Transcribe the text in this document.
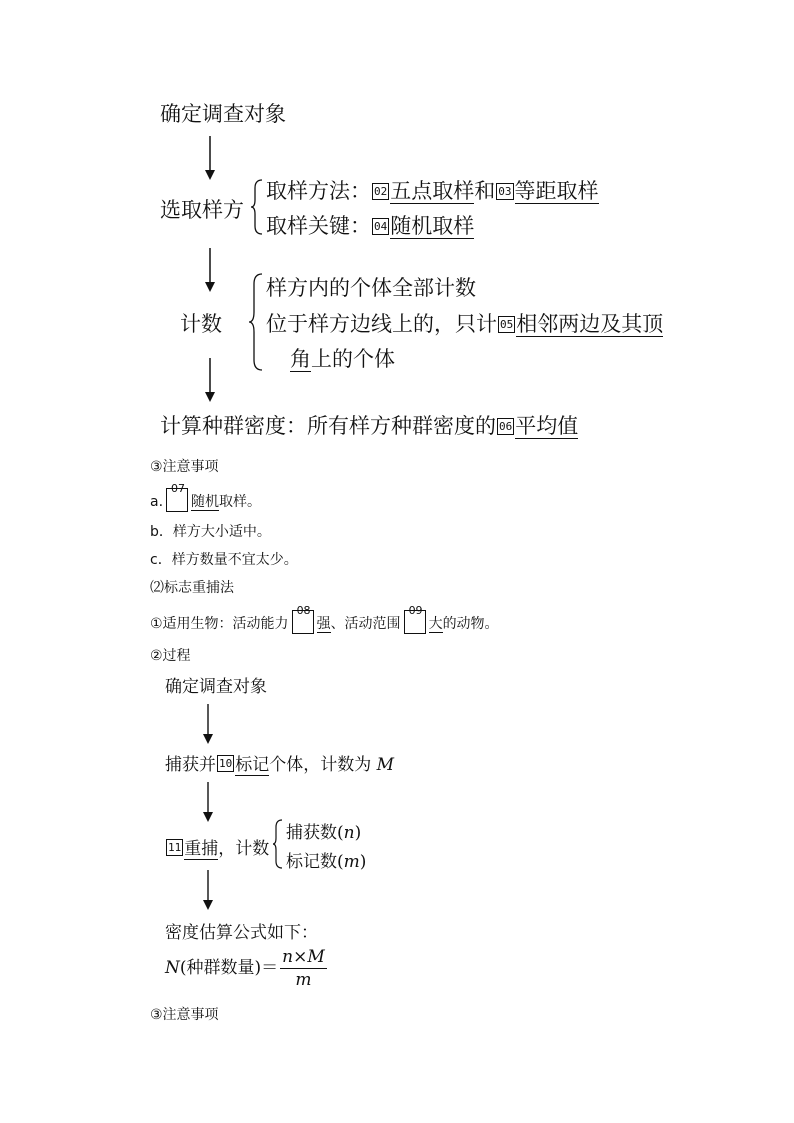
确定调查对象
选取样方
取样方法： 02 五点取样和 03 等距取样
取样关键： 04 随机取样
计数
样方内的个体全部计数
位于样方边线上的，只计 05 相邻两边及其顶
角上的个体
计算种群密度：所有样方种群密度的 06 平均值
③注意事项
a.
07
随机取样。
b．样方大小适中。
c．样方数量不宜太少。
⑵标志重捕法
①适用生物：活动能力
08
强、活动范围
09
大的动物。
②过程
确定调查对象
捕获并 10 标记个体，计数为 M
11 重捕，计数
捕获数(n)
标记数(m)
密度估算公式如下：
N(种群数量)＝ $\frac{n\times M}{m}$
③注意事项
